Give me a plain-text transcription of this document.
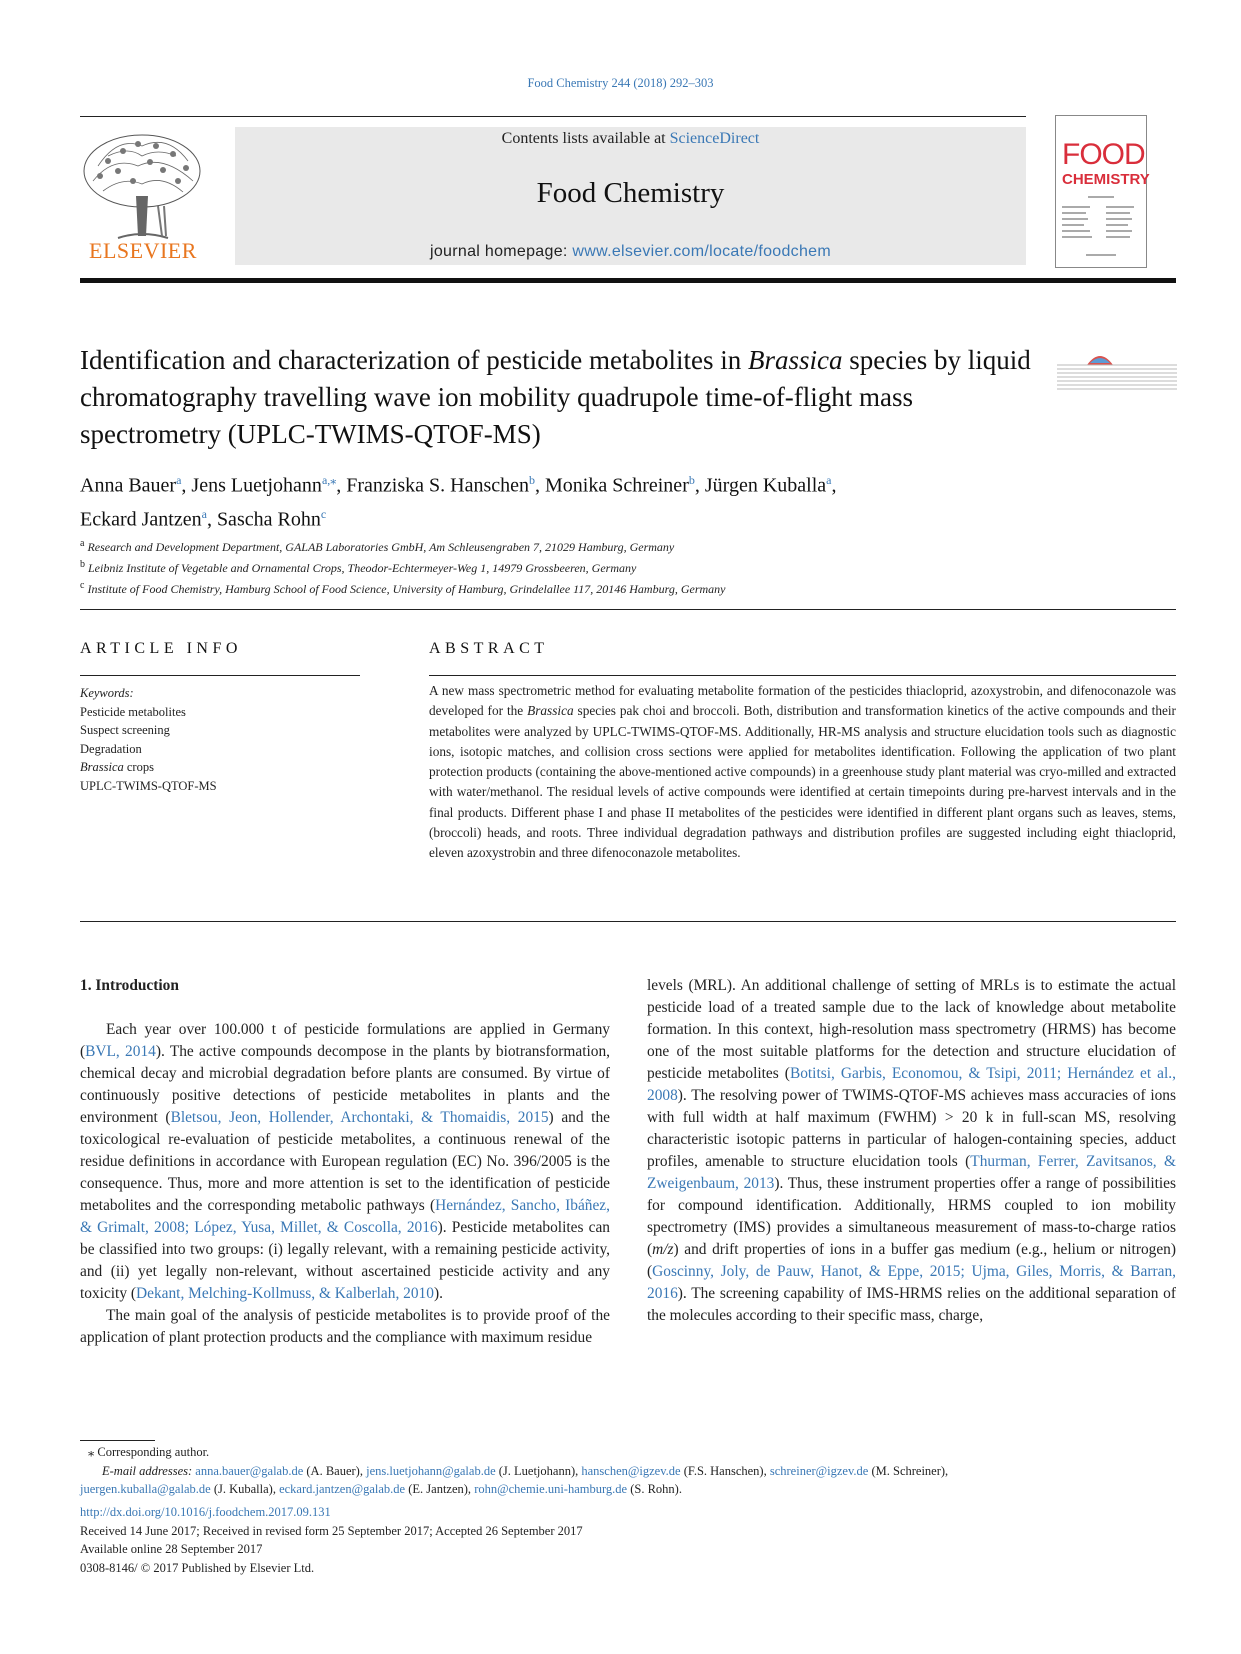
Food Chemistry 244 (2018) 292–303
ELSEVIER
Contents lists available at ScienceDirect
Food Chemistry
journal homepage: www.elsevier.com/locate/foodchem
FOOD
CHEMISTRY
Identification and characterization of pesticide metabolites in Brassica species by liquid chromatography travelling wave ion mobility quadrupole time-of-flight mass spectrometry (UPLC-TWIMS-QTOF-MS)
Anna Bauer$^a$, Jens Luetjohann$^{a,⁎}$, Franziska S. Hanschen$^b$, Monika Schreiner$^b$, Jürgen Kuballa$^a$,
Eckard Jantzen$^a$, Sascha Rohn$^c$
$^a$ Research and Development Department, GALAB Laboratories GmbH, Am Schleusengraben 7, 21029 Hamburg, Germany
$^b$ Leibniz Institute of Vegetable and Ornamental Crops, Theodor-Echtermeyer-Weg 1, 14979 Grossbeeren, Germany
$^c$ Institute of Food Chemistry, Hamburg School of Food Science, University of Hamburg, Grindelallee 117, 20146 Hamburg, Germany
ARTICLE INFO
Keywords:
Pesticide metabolites
Suspect screening
Degradation
Brassica crops
UPLC-TWIMS-QTOF-MS
ABSTRACT
A new mass spectrometric method for evaluating metabolite formation of the pesticides thiacloprid, azoxystrobin, and difenoconazole was developed for the Brassica species pak choi and broccoli. Both, distribution and transformation kinetics of the active compounds and their metabolites were analyzed by UPLC-TWIMS-QTOF-MS. Additionally, HR-MS analysis and structure elucidation tools such as diagnostic ions, isotopic matches, and collision cross sections were applied for metabolites identification. Following the application of two plant protection products (containing the above-mentioned active compounds) in a greenhouse study plant material was cryo-milled and extracted with water/methanol. The residual levels of active compounds were identified at certain timepoints during pre-harvest intervals and in the final products. Different phase I and phase II metabolites of the pesticides were identified in different plant organs such as leaves, stems, (broccoli) heads, and roots. Three individual degradation pathways and distribution profiles are suggested including eight thiacloprid, eleven azoxystrobin and three difenoconazole metabolites.

1. Introduction

Each year over 100.000 t of pesticide formulations are applied in Germany (BVL, 2014). The active compounds decompose in the plants by biotransformation, chemical decay and microbial degradation before plants are consumed. By virtue of continuously positive detections of pesticide metabolites in plants and the environment (Bletsou, Jeon, Hollender, Archontaki, & Thomaidis, 2015) and the toxicological re-evaluation of pesticide metabolites, a continuous renewal of the residue definitions in accordance with European regulation (EC) No. 396/2005 is the consequence. Thus, more and more attention is set to the identification of pesticide metabolites and the corresponding metabolic pathways (Hernández, Sancho, Ibáñez, & Grimalt, 2008; López, Yusa, Millet, & Coscolla, 2016). Pesticide metabolites can be classified into two groups: (i) legally relevant, with a remaining pesticide activity, and (ii) yet legally non-relevant, without ascertained pesticide activity and any toxicity (Dekant, Melching-Kollmuss, & Kalberlah, 2010).

The main goal of the analysis of pesticide metabolites is to provide proof of the application of plant protection products and the compliance with maximum residue

levels (MRL). An additional challenge of setting of MRLs is to estimate the actual pesticide load of a treated sample due to the lack of knowledge about metabolite formation. In this context, high-resolution mass spectrometry (HRMS) has become one of the most suitable platforms for the detection and structure elucidation of pesticide metabolites (Botitsi, Garbis, Economou, & Tsipi, 2011; Hernández et al., 2008). The resolving power of TWIMS-QTOF-MS achieves mass accuracies of ions with full width at half maximum (FWHM) > 20 k in full-scan MS, resolving characteristic isotopic patterns in particular of halogen-containing species, adduct profiles, amenable to structure elucidation tools (Thurman, Ferrer, Zavitsanos, & Zweigenbaum, 2013). Thus, these instrument properties offer a range of possibilities for compound identification. Additionally, HRMS coupled to ion mobility spectrometry (IMS) provides a simultaneous measurement of mass-to-charge ratios (m/z) and drift properties of ions in a buffer gas medium (e.g., helium or nitrogen) (Goscinny, Joly, de Pauw, Hanot, & Eppe, 2015; Ujma, Giles, Morris, & Barran, 2016). The screening capability of IMS-HRMS relies on the additional separation of the molecules according to their specific mass, charge,

⁎ Corresponding author.
E-mail addresses: anna.bauer@galab.de (A. Bauer), jens.luetjohann@galab.de (J. Luetjohann), hanschen@igzev.de (F.S. Hanschen), schreiner@igzev.de (M. Schreiner),
juergen.kuballa@galab.de (J. Kuballa), eckard.jantzen@galab.de (E. Jantzen), rohn@chemie.uni-hamburg.de (S. Rohn).
http://dx.doi.org/10.1016/j.foodchem.2017.09.131
Received 14 June 2017; Received in revised form 25 September 2017; Accepted 26 September 2017
Available online 28 September 2017
0308-8146/ © 2017 Published by Elsevier Ltd.
